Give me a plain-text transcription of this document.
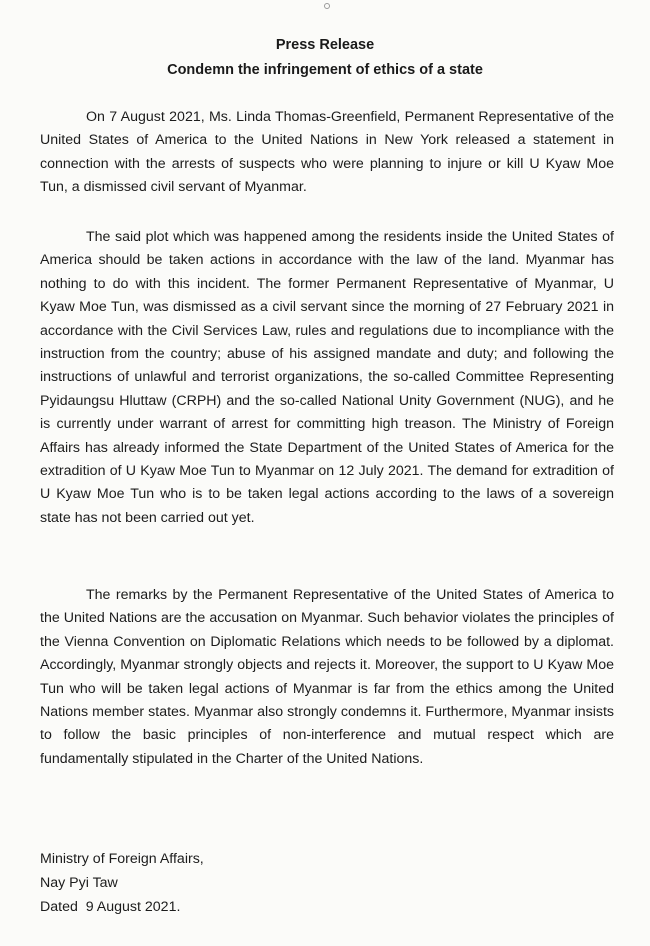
Press Release
Condemn the infringement of ethics of a state

On 7 August 2021, Ms. Linda Thomas-Greenfield, Permanent Representative of the United States of America to the United Nations in New York released a statement in connection with the arrests of suspects who were planning to injure or kill U Kyaw Moe Tun, a dismissed civil servant of Myanmar.

The said plot which was happened among the residents inside the United States of America should be taken actions in accordance with the law of the land. Myanmar has nothing to do with this incident. The former Permanent Representative of Myanmar, U Kyaw Moe Tun, was dismissed as a civil servant since the morning of 27 February 2021 in accordance with the Civil Services Law, rules and regulations due to incompliance with the instruction from the country; abuse of his assigned mandate and duty; and following the instructions of unlawful and terrorist organizations, the so-called Committee Representing Pyidaungsu Hluttaw (CRPH) and the so-called National Unity Government (NUG), and he is currently under warrant of arrest for committing high treason. The Ministry of Foreign Affairs has already informed the State Department of the United States of America for the extradition of U Kyaw Moe Tun to Myanmar on 12 July 2021. The demand for extradition of U Kyaw Moe Tun who is to be taken legal actions according to the laws of a sovereign state has not been carried out yet.

The remarks by the Permanent Representative of the United States of America to the United Nations are the accusation on Myanmar. Such behavior violates the principles of the Vienna Convention on Diplomatic Relations which needs to be followed by a diplomat. Accordingly, Myanmar strongly objects and rejects it. Moreover, the support to U Kyaw Moe Tun who will be taken legal actions of Myanmar is far from the ethics among the United Nations member states. Myanmar also strongly condemns it. Furthermore, Myanmar insists to follow the basic principles of non-interference and mutual respect which are fundamentally stipulated in the Charter of the United Nations.

Ministry of Foreign Affairs,
Nay Pyi Taw
Dated  9 August 2021.
